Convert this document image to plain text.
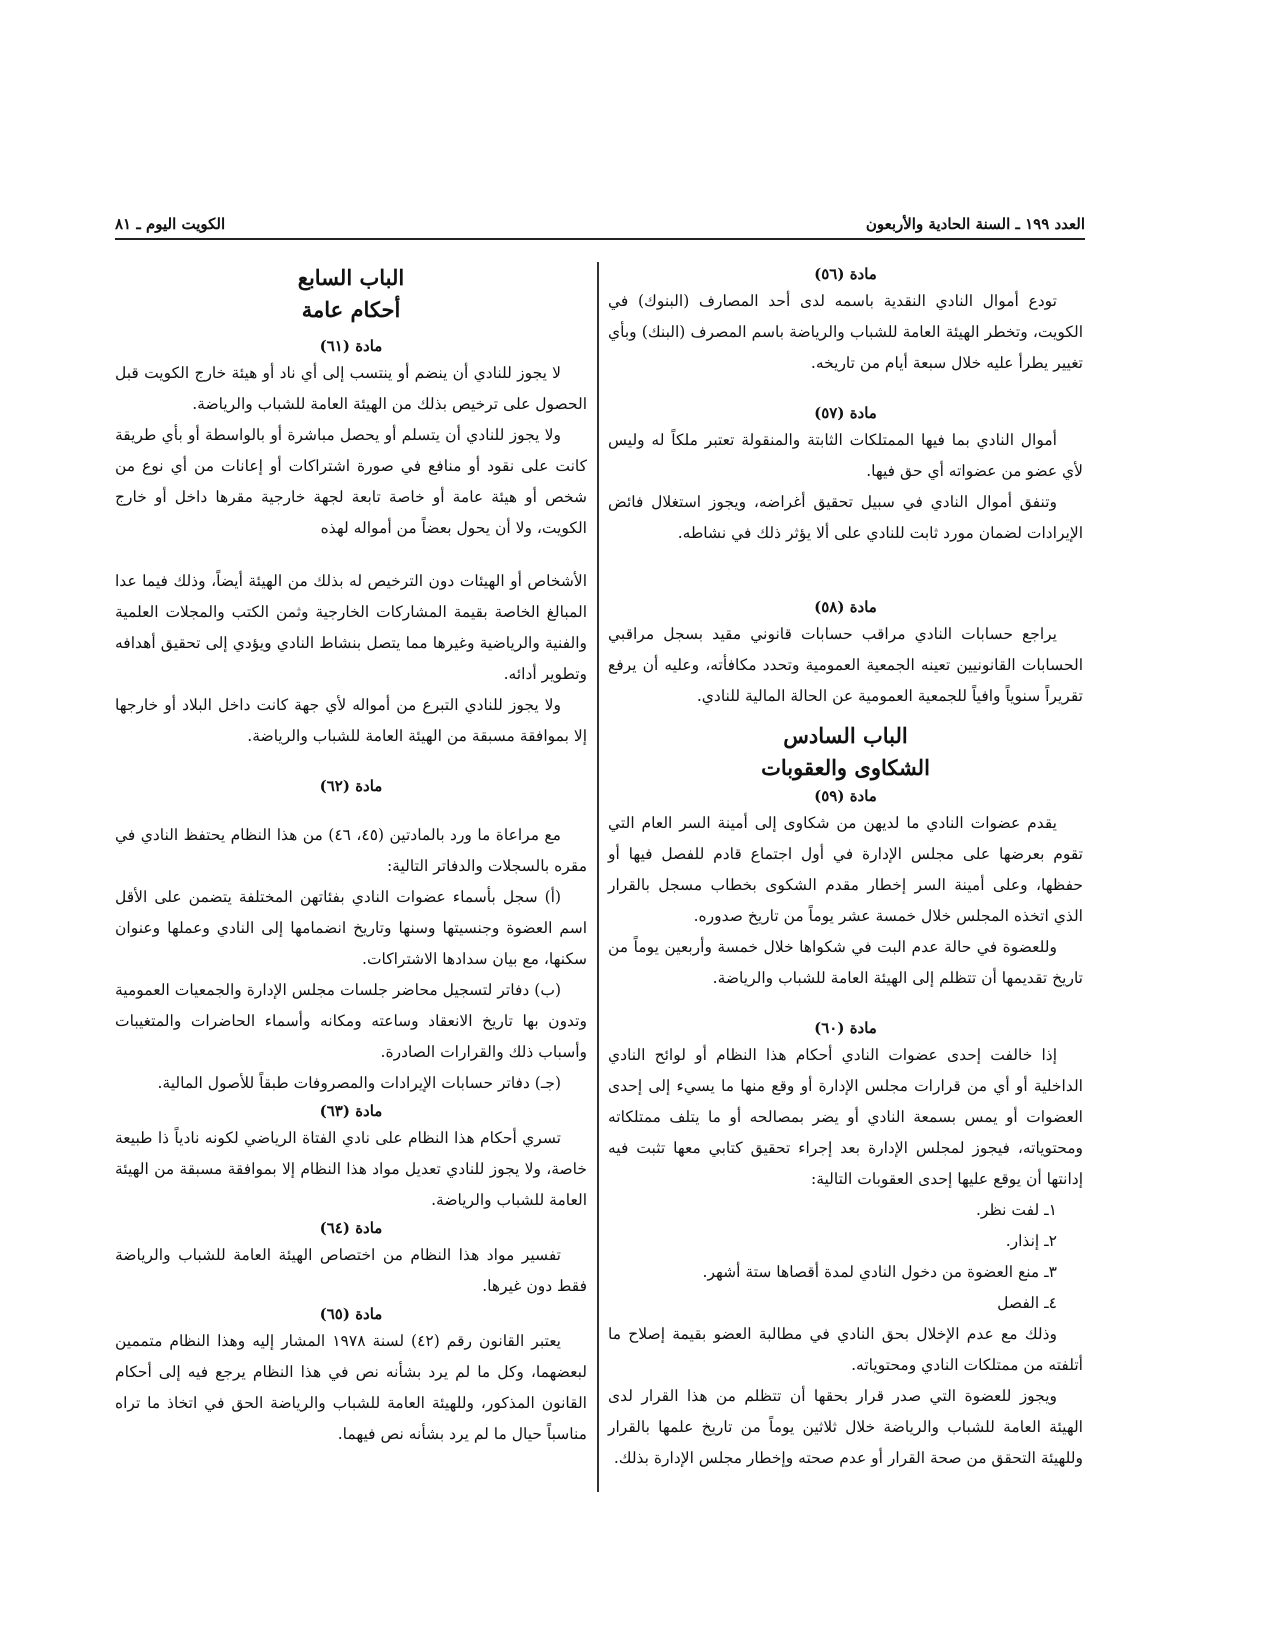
الكويت اليوم ـ ٨١	العدد ١٩٩ ـ السنة الحادية والأربعون
مادة (٥٦)

تودع أموال النادي النقدية باسمه لدى أحد المصارف (البنوك) في الكويت، وتخطر الهيئة العامة للشباب والرياضة باسم المصرف (البنك) وبأي تغيير يطرأ عليه خلال سبعة أيام من تاريخه.

مادة (٥٧)

أموال النادي بما فيها الممتلكات الثابتة والمنقولة تعتبر ملكاً له وليس لأي عضو من عضواته أي حق فيها.

وتنفق أموال النادي في سبيل تحقيق أغراضه، ويجوز استغلال فائض الإيرادات لضمان مورد ثابت للنادي على ألا يؤثر ذلك في نشاطه.

مادة (٥٨)

يراجع حسابات النادي مراقب حسابات قانوني مقيد بسجل مراقبي الحسابات القانونيين تعينه الجمعية العمومية وتحدد مكافأته، وعليه أن يرفع تقريراً سنوياً وافياً للجمعية العمومية عن الحالة المالية للنادي.

الباب السادس
الشكاوى والعقوبات
مادة (٥٩)

يقدم عضوات النادي ما لديهن من شكاوى إلى أمينة السر العام التي تقوم بعرضها على مجلس الإدارة في أول اجتماع قادم للفصل فيها أو حفظها، وعلى أمينة السر إخطار مقدم الشكوى بخطاب مسجل بالقرار الذي اتخذه المجلس خلال خمسة عشر يوماً من تاريخ صدوره.

وللعضوة في حالة عدم البت في شكواها خلال خمسة وأربعين يوماً من تاريخ تقديمها أن تتظلم إلى الهيئة العامة للشباب والرياضة.

مادة (٦٠)

إذا خالفت إحدى عضوات النادي أحكام هذا النظام أو لوائح النادي الداخلية أو أي من قرارات مجلس الإدارة أو وقع منها ما يسيء إلى إحدى العضوات أو يمس بسمعة النادي أو يضر بمصالحه أو ما يتلف ممتلكاته ومحتوياته، فيجوز لمجلس الإدارة بعد إجراء تحقيق كتابي معها تثبت فيه إدانتها أن يوقع عليها إحدى العقوبات التالية:

١ـ لفت نظر.

٢ـ إنذار.

٣ـ منع العضوة من دخول النادي لمدة أقصاها ستة أشهر.

٤ـ الفصل

وذلك مع عدم الإخلال بحق النادي في مطالبة العضو بقيمة إصلاح ما أتلفته من ممتلكات النادي ومحتوياته.

ويجوز للعضوة التي صدر قرار بحقها أن تتظلم من هذا القرار لدى الهيئة العامة للشباب والرياضة خلال ثلاثين يوماً من تاريخ علمها بالقرار وللهيئة التحقق من صحة القرار أو عدم صحته وإخطار مجلس الإدارة بذلك.

الباب السابع
أحكام عامة
مادة (٦١)

لا يجوز للنادي أن ينضم أو ينتسب إلى أي ناد أو هيئة خارج الكويت قبل الحصول على ترخيص بذلك من الهيئة العامة للشباب والرياضة.

ولا يجوز للنادي أن يتسلم أو يحصل مباشرة أو بالواسطة أو بأي طريقة كانت على نقود أو منافع في صورة اشتراكات أو إعانات من أي نوع من شخص أو هيئة عامة أو خاصة تابعة لجهة خارجية مقرها داخل أو خارج الكويت، ولا أن يحول بعضاً من أمواله لهذه

الأشخاص أو الهيئات دون الترخيص له بذلك من الهيئة أيضاً، وذلك فيما عدا المبالغ الخاصة بقيمة المشاركات الخارجية وثمن الكتب والمجلات العلمية والفنية والرياضية وغيرها مما يتصل بنشاط النادي ويؤدي إلى تحقيق أهدافه وتطوير أدائه.

ولا يجوز للنادي التبرع من أمواله لأي جهة كانت داخل البلاد أو خارجها إلا بموافقة مسبقة من الهيئة العامة للشباب والرياضة.

مادة (٦٢)

مع مراعاة ما ورد بالمادتين (٤٥، ٤٦) من هذا النظام يحتفظ النادي في مقره بالسجلات والدفاتر التالية:

(أ) سجل بأسماء عضوات النادي بفئاتهن المختلفة يتضمن على الأقل اسم العضوة وجنسيتها وسنها وتاريخ انضمامها إلى النادي وعملها وعنوان سكنها، مع بيان سدادها الاشتراكات.

(ب) دفاتر لتسجيل محاضر جلسات مجلس الإدارة والجمعيات العمومية وتدون بها تاريخ الانعقاد وساعته ومكانه وأسماء الحاضرات والمتغيبات وأسباب ذلك والقرارات الصادرة.

(جـ) دفاتر حسابات الإيرادات والمصروفات طبقاً للأصول المالية.

مادة (٦٣)

تسري أحكام هذا النظام على نادي الفتاة الرياضي لكونه نادياً ذا طبيعة خاصة، ولا يجوز للنادي تعديل مواد هذا النظام إلا بموافقة مسبقة من الهيئة العامة للشباب والرياضة.

مادة (٦٤)

تفسير مواد هذا النظام من اختصاص الهيئة العامة للشباب والرياضة فقط دون غيرها.

مادة (٦٥)

يعتبر القانون رقم (٤٢) لسنة ١٩٧٨ المشار إليه وهذا النظام متممين لبعضهما، وكل ما لم يرد بشأنه نص في هذا النظام يرجع فيه إلى أحكام القانون المذكور، وللهيئة العامة للشباب والرياضة الحق في اتخاذ ما تراه مناسباً حيال ما لم يرد بشأنه نص فيهما.
